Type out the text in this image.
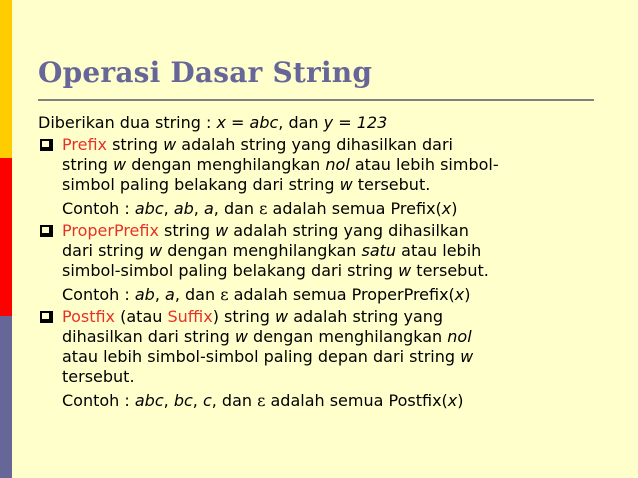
Operasi Dasar String

Diberikan dua string : x = abc, dan y = 123

Prefix string w adalah string yang dihasilkan dari
string w dengan menghilangkan nol atau lebih simbol-
simbol paling belakang dari string w tersebut.
Contoh : abc, ab, a, dan ε adalah semua Prefix(x)
ProperPrefix string w adalah string yang dihasilkan
dari string w dengan menghilangkan satu atau lebih
simbol-simbol paling belakang dari string w tersebut.
Contoh : ab, a, dan ε adalah semua ProperPrefix(x)
Postfix (atau Suffix) string w adalah string yang
dihasilkan dari string w dengan menghilangkan nol
atau lebih simbol-simbol paling depan dari string w
tersebut.
Contoh : abc, bc, c, dan ε adalah semua Postfix(x)
